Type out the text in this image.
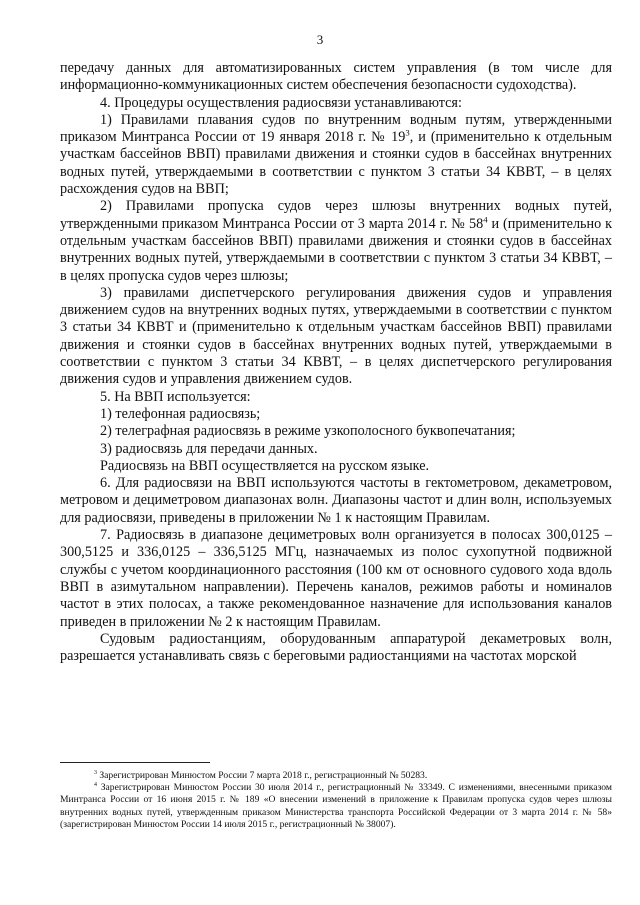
3

передачу данных для автоматизированных систем управления (в том числе для информационно-коммуникационных систем обеспечения безопасности судоходства).

4. Процедуры осуществления радиосвязи устанавливаются:

1) Правилами плавания судов по внутренним водным путям, утвержденными приказом Минтранса России от 19 января 2018 г. № $19^3$, и (применительно к отдельным участкам бассейнов ВВП) правилами движения и стоянки судов в бассейнах внутренних водных путей, утверждаемыми в соответствии с пунктом 3 статьи 34 КВВТ, – в целях расхождения судов на ВВП;

2) Правилами пропуска судов через шлюзы внутренних водных путей, утвержденными приказом Минтранса России от 3 марта 2014 г. № $58^4$ и (применительно к отдельным участкам бассейнов ВВП) правилами движения и стоянки судов в бассейнах внутренних водных путей, утверждаемыми в соответствии с пунктом 3 статьи 34 КВВТ, – в целях пропуска судов через шлюзы;

3) правилами диспетчерского регулирования движения судов и управления движением судов на внутренних водных путях, утверждаемыми в соответствии с пунктом 3 статьи 34 КВВТ и (применительно к отдельным участкам бассейнов ВВП) правилами движения и стоянки судов в бассейнах внутренних водных путей, утверждаемыми в соответствии с пунктом 3 статьи 34 КВВТ, – в целях диспетчерского регулирования движения судов и управления движением судов.

5. На ВВП используется:

1) телефонная радиосвязь;

2) телеграфная радиосвязь в режиме узкополосного буквопечатания;

3) радиосвязь для передачи данных.

Радиосвязь на ВВП осуществляется на русском языке.

6. Для радиосвязи на ВВП используются частоты в гектометровом, декаметровом, метровом и дециметровом диапазонах волн. Диапазоны частот и длин волн, используемых для радиосвязи, приведены в приложении № 1 к настоящим Правилам.

7. Радиосвязь в диапазоне дециметровых волн организуется в полосах 300,0125 – 300,5125 и 336,0125 – 336,5125 МГц, назначаемых из полос сухопутной подвижной службы с учетом координационного расстояния (100 км от основного судового хода вдоль ВВП в азимутальном направлении). Перечень каналов, режимов работы и номиналов частот в этих полосах, а также рекомендованное назначение для использования каналов приведен в приложении № 2 к настоящим Правилам.

Судовым радиостанциям, оборудованным аппаратурой декаметровых волн, разрешается устанавливать связь с береговыми радиостанциями на частотах морской

$^3$ Зарегистрирован Минюстом России 7 марта 2018 г., регистрационный № 50283.

$^4$ Зарегистрирован Минюстом России 30 июля 2014 г., регистрационный № 33349. С изменениями, внесенными приказом Минтранса России от 16 июня 2015 г. № 189 «О внесении изменений в приложение к Правилам пропуска судов через шлюзы внутренних водных путей, утвержденным приказом Министерства транспорта Российской Федерации от 3 марта 2014 г. № 58» (зарегистрирован Минюстом России 14 июля 2015 г., регистрационный № 38007).
